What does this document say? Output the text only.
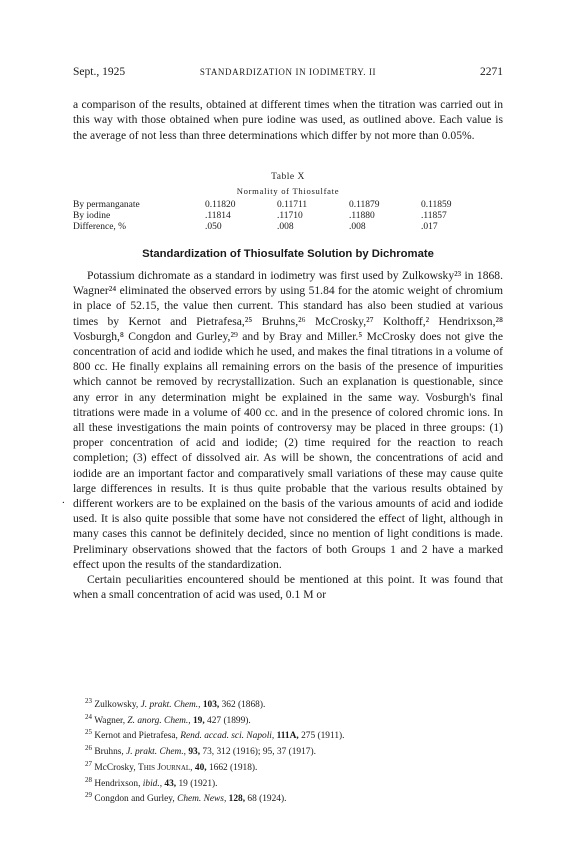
Sept., 1925	STANDARDIZATION IN IODIMETRY. II	2271
a comparison of the results, obtained at different times when the titration was carried out in this way with those obtained when pure iodine was used, as outlined above. Each value is the average of not less than three determinations which differ by not more than 0.05%.
Table X
Normality of Thiosulfate
By permanganate	0.11820	0.11711	0.11879	0.11859
By iodine	.11814	.11710	.11880	.11857
Difference, %	.050	.008	.008	.017
Standardization of Thiosulfate Solution by Dichromate

Potassium dichromate as a standard in iodimetry was first used by Zulkowsky²³ in 1868. Wagner²⁴ eliminated the observed errors by using 51.84 for the atomic weight of chromium in place of 52.15, the value then current. This standard has also been studied at various times by Kernot and Pietrafesa,²⁵ Bruhns,²⁶ McCrosky,²⁷ Kolthoff,² Hendrixson,²⁸ Vosburgh,⁸ Congdon and Gurley,²⁹ and by Bray and Miller.⁵ McCrosky does not give the concentration of acid and iodide which he used, and makes the final titrations in a volume of 800 cc. He finally explains all remaining errors on the basis of the presence of impurities which cannot be removed by recrystallization. Such an explanation is questionable, since any error in any determination might be explained in the same way. Vosburgh's final titrations were made in a volume of 400 cc. and in the presence of colored chromic ions. In all these investigations the main points of controversy may be placed in three groups: (1) proper concentration of acid and iodide; (2) time required for the reaction to reach completion; (3) effect of dissolved air. As will be shown, the concentrations of acid and iodide are an important factor and comparatively small variations of these may cause quite large differences in results. It is thus quite probable that the various results obtained by different workers are to be explained on the basis of the various amounts of acid and iodide used. It is also quite possible that some have not considered the effect of light, although in many cases this cannot be definitely decided, since no mention of light conditions is made. Preliminary observations showed that the factors of both Groups 1 and 2 have a marked effect upon the results of the standardization.

Certain peculiarities encountered should be mentioned at this point. It was found that when a small concentration of acid was used, 0.1 M or

.
$^{23}$ Zulkowsky, J. prakt. Chem., 103, 362 (1868).
$^{24}$ Wagner, Z. anorg. Chem., 19, 427 (1899).
$^{25}$ Kernot and Pietrafesa, Rend. accad. sci. Napoli, 111A, 275 (1911).
$^{26}$ Bruhns, J. prakt. Chem., 93, 73, 312 (1916); 95, 37 (1917).
$^{27}$ McCrosky, This Journal, 40, 1662 (1918).
$^{28}$ Hendrixson, ibid., 43, 19 (1921).
$^{29}$ Congdon and Gurley, Chem. News, 128, 68 (1924).
